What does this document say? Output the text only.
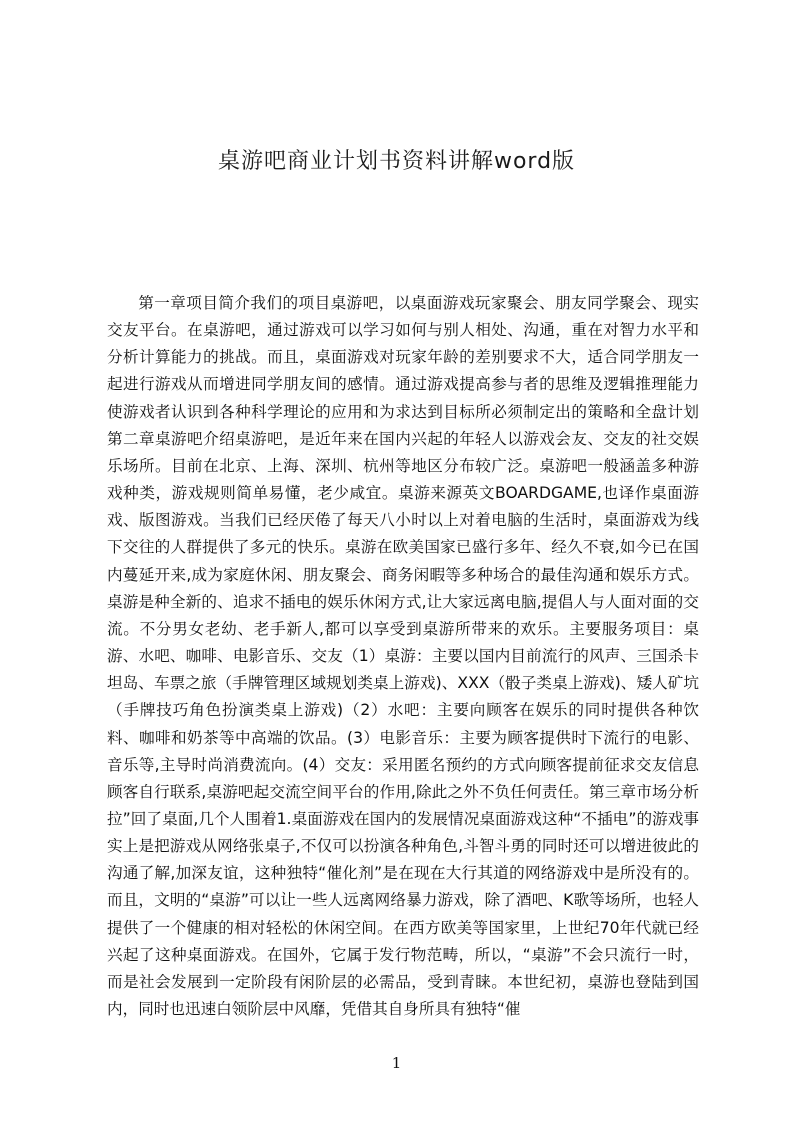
桌游吧商业计划书资料讲解word版

第一章项目简介我们的项目桌游吧，以桌面游戏玩家聚会、朋友同学聚会、现实交友平台。在桌游吧，通过游戏可以学习如何与别人相处、沟通，重在对智力水平和分析计算能力的挑战。而且，桌面游戏对玩家年龄的差别要求不大，适合同学朋友一起进行游戏从而增进同学朋友间的感情。通过游戏提高参与者的思维及逻辑推理能力使游戏者认识到各种科学理论的应用和为求达到目标所必须制定出的策略和全盘计划第二章桌游吧介绍桌游吧，是近年来在国内兴起的年轻人以游戏会友、交友的社交娱乐场所。目前在北京、上海、深圳、杭州等地区分布较广泛。桌游吧一般涵盖多种游戏种类，游戏规则简单易懂，老少咸宜。桌游来源英文BOARDGAME,也译作桌面游戏、版图游戏。当我们已经厌倦了每天八小时以上对着电脑的生活时，桌面游戏为线下交往的人群提供了多元的快乐。桌游在欧美国家已盛行多年、经久不衰,如今已在国内蔓延开来,成为家庭休闲、朋友聚会、商务闲暇等多种场合的最佳沟通和娱乐方式。桌游是种全新的、追求不插电的娱乐休闲方式,让大家远离电脑,提倡人与人面对面的交流。不分男女老幼、老手新人,都可以享受到桌游所带来的欢乐。主要服务项目：桌游、水吧、咖啡、电影音乐、交友（1）桌游：主要以国内目前流行的风声、三国杀卡坦岛、车票之旅（手牌管理区域规划类桌上游戏)、XXX（骰子类桌上游戏)、矮人矿坑（手牌技巧角色扮演类桌上游戏)（2）水吧：主要向顾客在娱乐的同时提供各种饮料、咖啡和奶茶等中高端的饮品。(3）电影音乐：主要为顾客提供时下流行的电影、音乐等,主导时尚消费流向。(4）交友：采用匿名预约的方式向顾客提前征求交友信息顾客自行联系,桌游吧起交流空间平台的作用,除此之外不负任何责任。第三章市场分析拉”回了桌面,几个人围着1.桌面游戏在国内的发展情况桌面游戏这种“不插电”的游戏事实上是把游戏从网络张桌子,不仅可以扮演各种角色,斗智斗勇的同时还可以增进彼此的沟通了解,加深友谊，这种独特“催化剂”是在现在大行其道的网络游戏中是所没有的。而且，文明的“桌游”可以让一些人远离网络暴力游戏，除了酒吧、K歌等场所，也轻人提供了一个健康的相对轻松的休闲空间。在西方欧美等国家里，上世纪70年代就已经兴起了这种桌面游戏。在国外，它属于发行物范畴，所以，“桌游”不会只流行一时，而是社会发展到一定阶段有闲阶层的必需品，受到青睐。本世纪初，桌游也登陆到国内，同时也迅速白领阶层中风靡，凭借其自身所具有独特“催

1
